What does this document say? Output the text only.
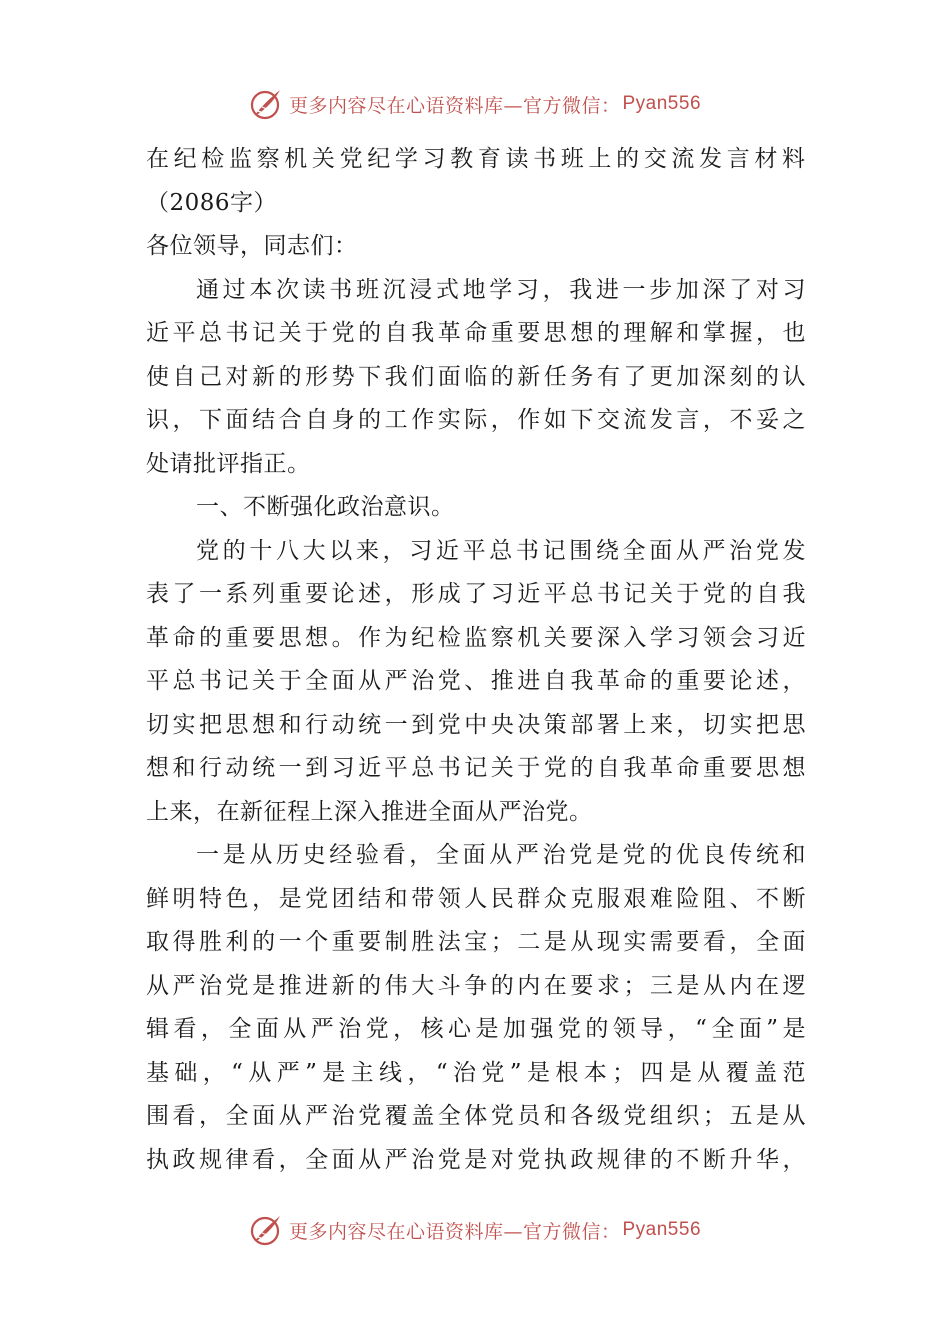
更多内容尽在心语资料库—官方微信： Pyan556
在纪检监察机关党纪学习教育读书班上的交流发言材料
（2086字）
各位领导，同志们：
通过本次读书班沉浸式地学习，我进一步加深了对习
近平总书记关于党的自我革命重要思想的理解和掌握，也
使自己对新的形势下我们面临的新任务有了更加深刻的认
识，下面结合自身的工作实际，作如下交流发言，不妥之
处请批评指正。
一、不断强化政治意识。
党的十八大以来，习近平总书记围绕全面从严治党发
表了一系列重要论述，形成了习近平总书记关于党的自我
革命的重要思想。作为纪检监察机关要深入学习领会习近
平总书记关于全面从严治党、推进自我革命的重要论述，
切实把思想和行动统一到党中央决策部署上来，切实把思
想和行动统一到习近平总书记关于党的自我革命重要思想
上来，在新征程上深入推进全面从严治党。
一是从历史经验看，全面从严治党是党的优良传统和
鲜明特色，是党团结和带领人民群众克服艰难险阻、不断
取得胜利的一个重要制胜法宝；二是从现实需要看，全面
从严治党是推进新的伟大斗争的内在要求；三是从内在逻
辑看，全面从严治党，核心是加强党的领导，“全面”是
基础，“从严”是主线，“治党”是根本；四是从覆盖范
围看，全面从严治党覆盖全体党员和各级党组织；五是从
执政规律看，全面从严治党是对党执政规律的不断升华，
更多内容尽在心语资料库—官方微信： Pyan556
